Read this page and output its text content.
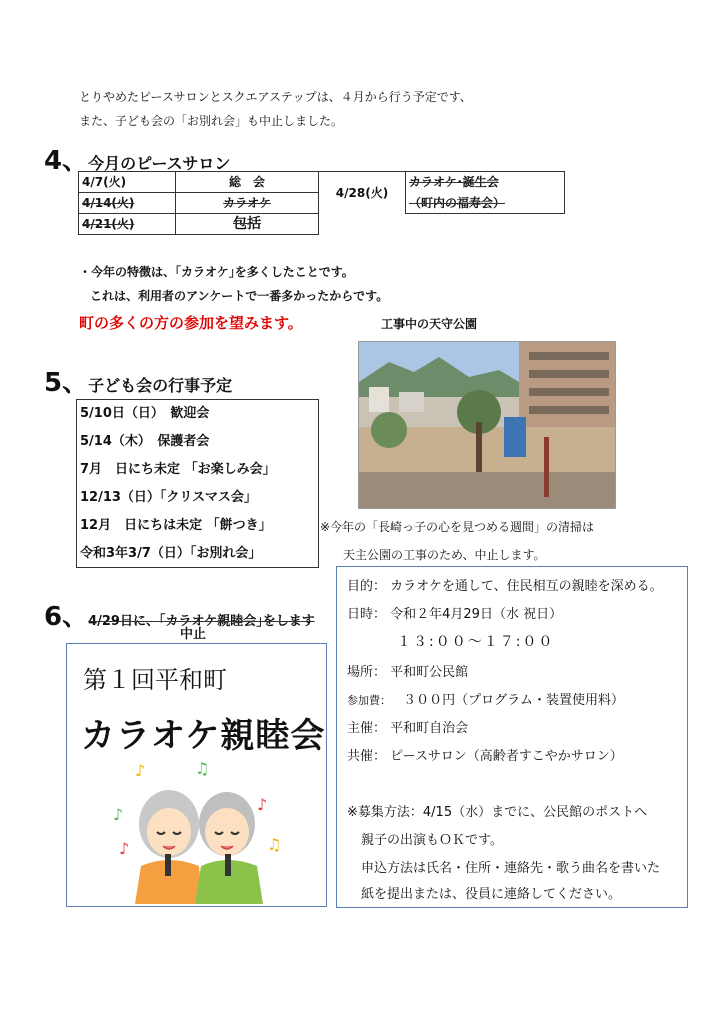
とりやめたピースサロンとスクエアステップは、４月から行う予定です、
また、子ども会の「お別れ会」も中止しました。
4、今月のピースサロン
4/7(火)	総　会	4/28(火)	カラオケ･誕生会
4/14(火)	カラオケ		（町内の福寿会）
4/21(火)	包括		
・今年の特徴は、｢カラオケ｣を多くしたことです。
これは、利用者のアンケートで一番多かったからです。
町の多くの方の参加を望みます。	工事中の天守公園
5、子ども会の行事予定
5/10日（日）　歓迎会
5/14（木）　保護者会
7月　日にち未定 「お楽しみ会」
12/13（日）「クリスマス会」
12月　日にちは未定 「餅つき」
令和3年3/7（日）「お別れ会」
※今年の「長崎っ子の心を見つめる週間」の清掃は
天主公園の工事のため、中止します。
6、4/29日に、｢カラオケ親睦会｣をします
中止
第１回平和町
カラオケ親睦会
♪	♫
♪
♪
♪	♫
目的： カラオケを通して、住民相互の親睦を深める。
日時： 令和２年4月29日（水 祝日）
１３:００～１７:００
場所： 平和町公民館
参加費： ３００円（プログラム・装置使用料）
主催： 平和町自治会
共催： ピースサロン（高齢者すこやかサロン）
※募集方法：4/15（水）までに、公民館のポストへ
親子の出演もＯＫです。
申込方法は氏名・住所・連絡先・歌う曲名を書いた
紙を提出または、役員に連絡してください。
